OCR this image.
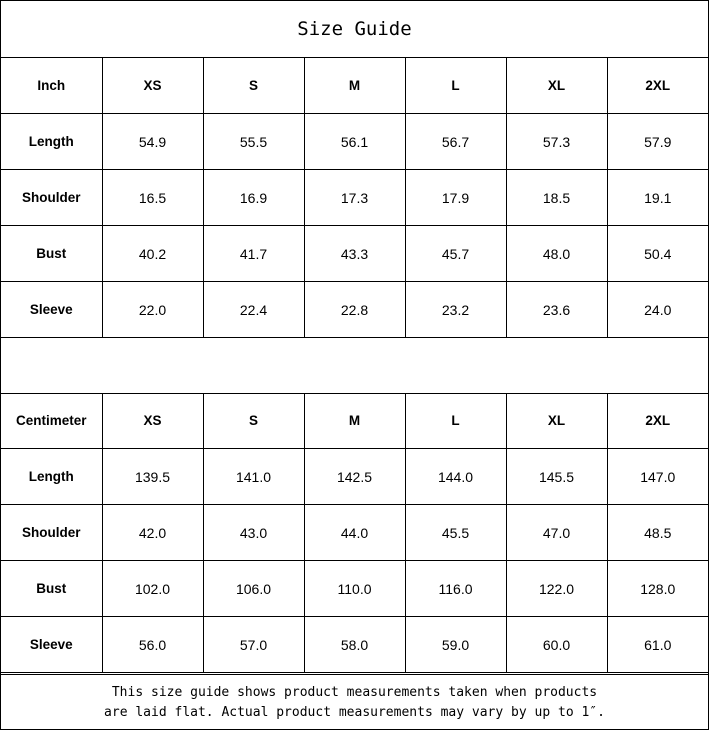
Size Guide
Inch	XS	S	M	L	XL	2XL
Length	54.9	55.5	56.1	56.7	57.3	57.9
Shoulder	16.5	16.9	17.3	17.9	18.5	19.1
Bust	40.2	41.7	43.3	45.7	48.0	50.4
Sleeve	22.0	22.4	22.8	23.2	23.6	24.0
Centimeter	XS	S	M	L	XL	2XL
Length	139.5	141.0	142.5	144.0	145.5	147.0
Shoulder	42.0	43.0	44.0	45.5	47.0	48.5
Bust	102.0	106.0	110.0	116.0	122.0	128.0
Sleeve	56.0	57.0	58.0	59.0	60.0	61.0
This size guide shows product measurements taken when products
are laid flat. Actual product measurements may vary by up to 1″.
